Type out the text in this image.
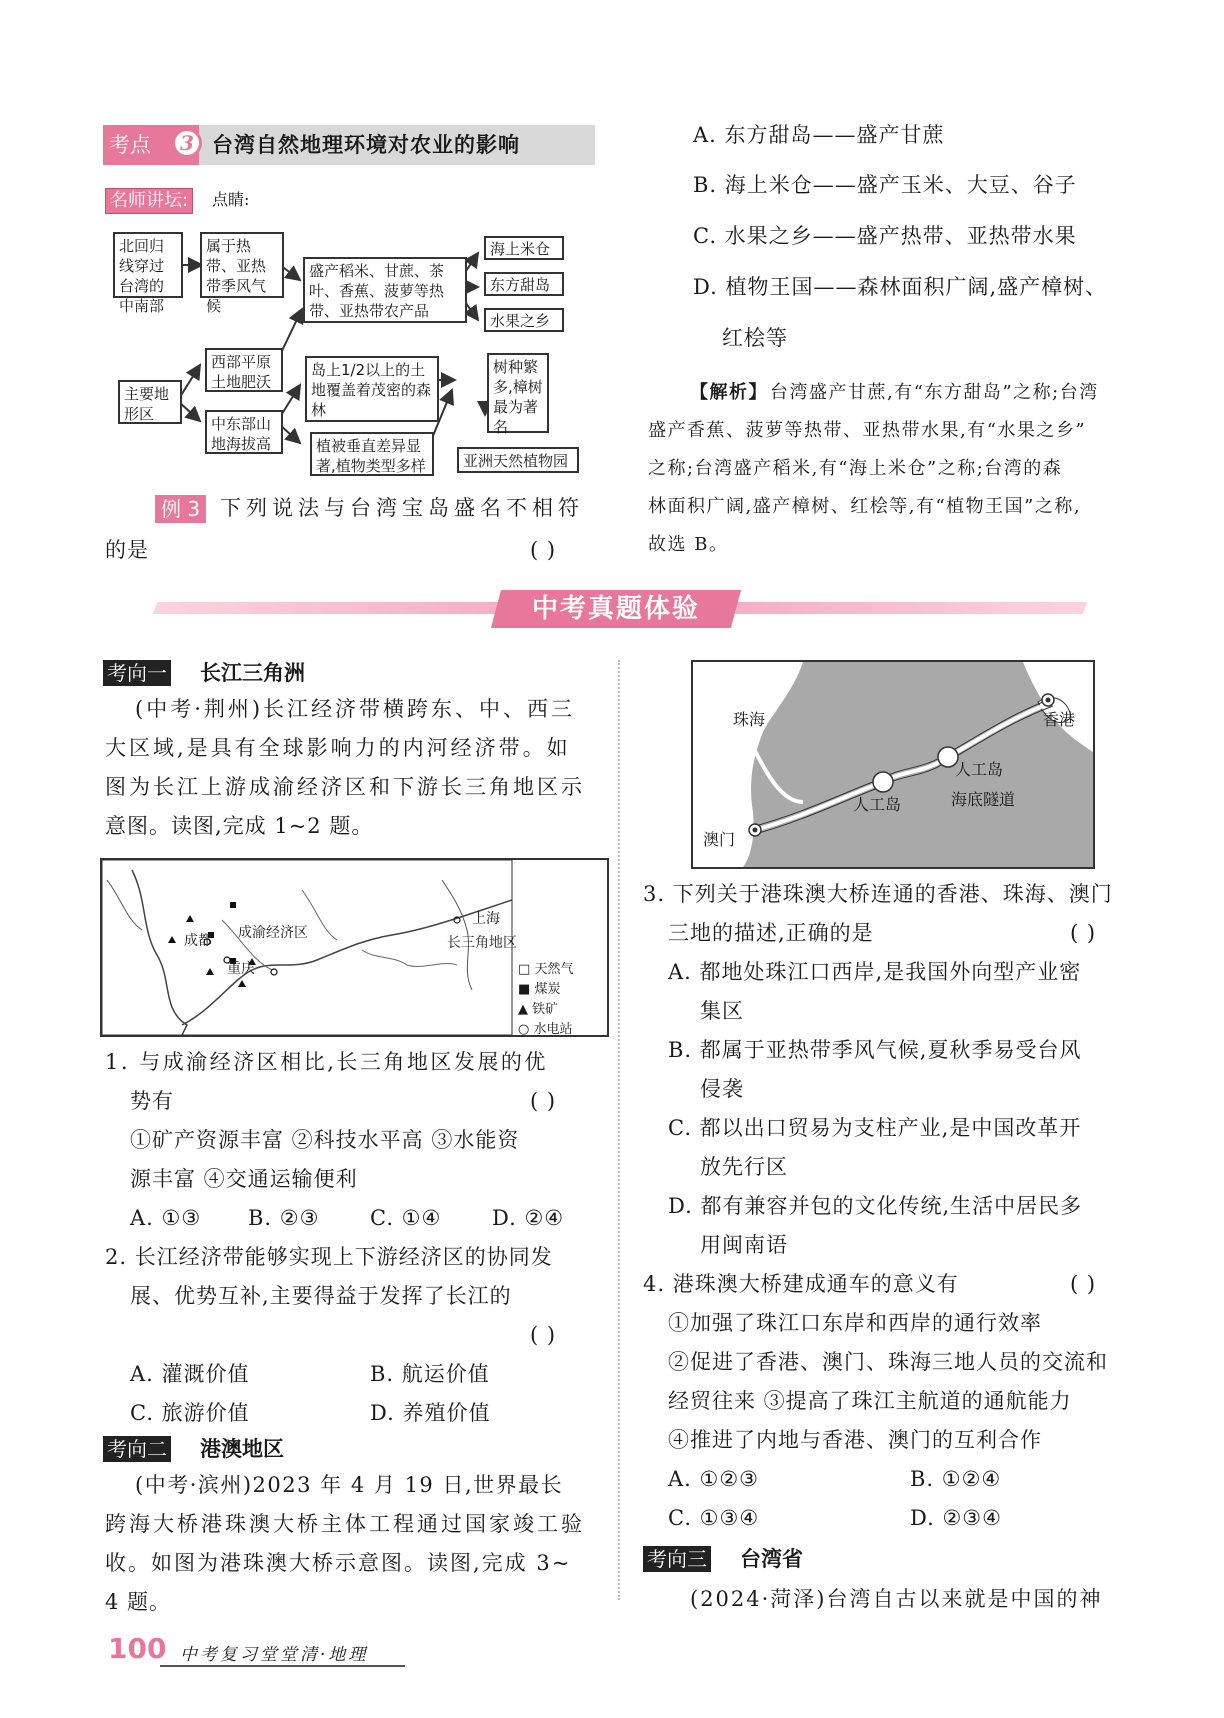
考点	3 台湾自然地理环境对农业的影响
名师讲坛:	点睛:
北回归线穿过台湾的中南部
属于热带、亚热带季风气候
盛产稻米、甘蔗、茶叶、香蕉、菠萝等热带、亚热带农产品
海上米仓
东方甜岛
水果之乡
主要地形区
西部平原土地肥沃
中东部山地海拔高
岛上1/2以上的土地覆盖着茂密的森林
植被垂直差异显著,植物类型多样
树种繁多,樟树最为著名
亚洲天然植物园
例 3 下列说法与台湾宝岛盛名不相符
的是	( )
A. 东方甜岛——盛产甘蔗
B. 海上米仓——盛产玉米、大豆、谷子
C. 水果之乡——盛产热带、亚热带水果
D. 植物王国——森林面积广阔,盛产樟树、
红桧等
【解析】 台湾盛产甘蔗,有“东方甜岛”之称;台湾
盛产香蕉、菠萝等热带、亚热带水果,有“水果之乡”
之称;台湾盛产稻米,有“海上米仓”之称;台湾的森
林面积广阔,盛产樟树、红桧等,有“植物王国”之称,
故选 B。
中考真题体验
考向一 长江三角洲
(中考·荆州)长江经济带横跨东、中、西三
大区域,是具有全球影响力的内河经济带。如
图为长江上游成渝经济区和下游长三角地区示
意图。读图,完成 1~2 题。
成都
重庆
成渝经济区
上海
长三角地区
□ 天然气
■ 煤炭
▲ 铁矿
○ 水电站
1. 与成渝经济区相比,长三角地区发展的优
势有	( )
①矿产资源丰富 ②科技水平高 ③水能资
源丰富 ④交通运输便利
A. ①③ B. ②③ C. ①④ D. ②④
2. 长江经济带能够实现上下游经济区的协同发
展、优势互补,主要得益于发挥了长江的
( )
A. 灌溉价值	B. 航运价值
C. 旅游价值	D. 养殖价值
考向二 港澳地区
(中考·滨州)2023 年 4 月 19 日,世界最长
跨海大桥港珠澳大桥主体工程通过国家竣工验
收。如图为港珠澳大桥示意图。读图,完成 3~
4 题。
珠海	香港
澳门
人工岛
人工岛
海底隧道
3. 下列关于港珠澳大桥连通的香港、珠海、澳门
三地的描述,正确的是	( )
A. 都地处珠江口西岸,是我国外向型产业密
集区
B. 都属于亚热带季风气候,夏秋季易受台风
侵袭
C. 都以出口贸易为支柱产业,是中国改革开
放先行区
D. 都有兼容并包的文化传统,生活中居民多
用闽南语
4. 港珠澳大桥建成通车的意义有	( )
①加强了珠江口东岸和西岸的通行效率
②促进了香港、澳门、珠海三地人员的交流和
经贸往来 ③提高了珠江主航道的通航能力
④推进了内地与香港、澳门的互利合作
A. ①②③	B. ①②④
C. ①③④	D. ②③④
考向三 台湾省
(2024·菏泽)台湾自古以来就是中国的神
100 中考复习堂堂清·地理
